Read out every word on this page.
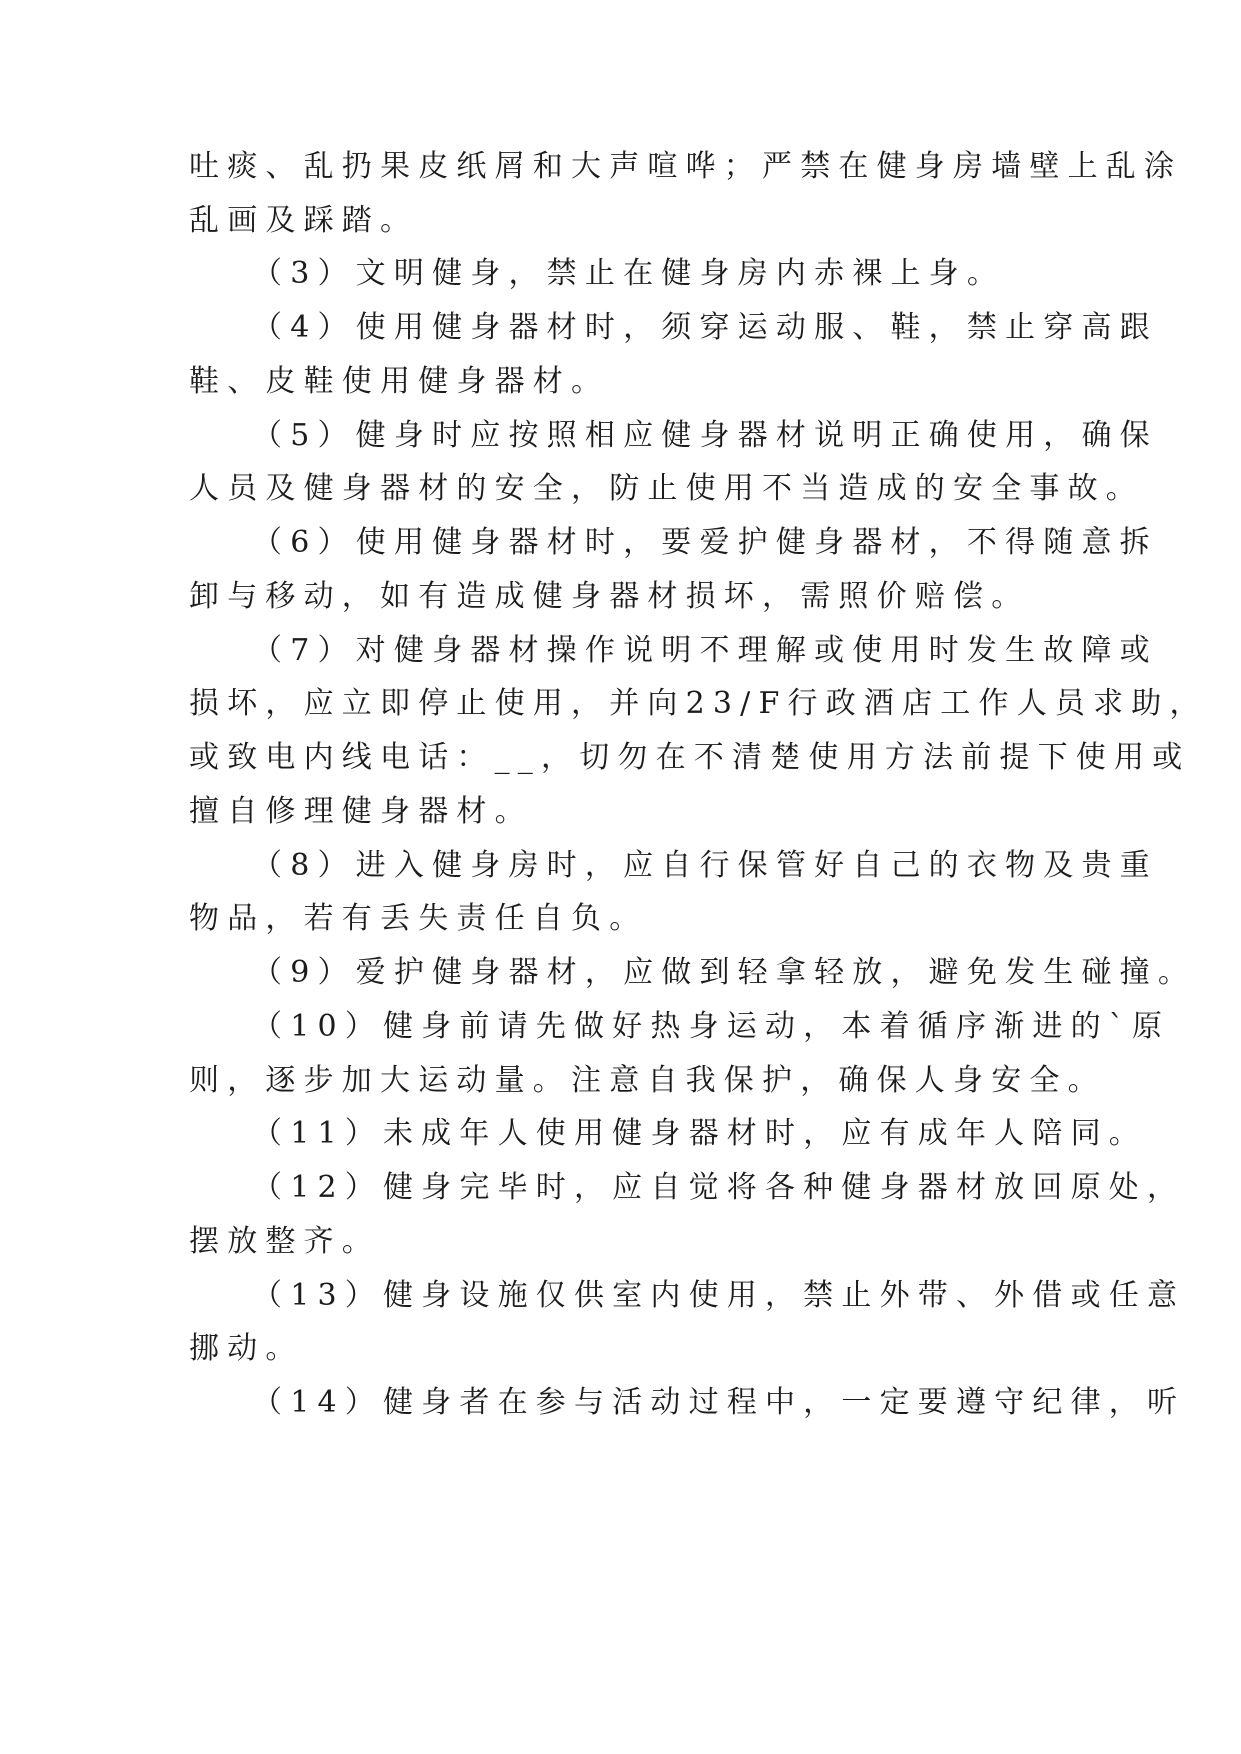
吐痰、乱扔果皮纸屑和大声喧哗；严禁在健身房墙壁上乱涂
乱画及踩踏。
（3）文明健身，禁止在健身房内赤裸上身。
（4）使用健身器材时，须穿运动服、鞋，禁止穿高跟
鞋、皮鞋使用健身器材。
（5）健身时应按照相应健身器材说明正确使用，确保
人员及健身器材的安全，防止使用不当造成的安全事故。
（6）使用健身器材时，要爱护健身器材，不得随意拆
卸与移动，如有造成健身器材损坏，需照价赔偿。
（7）对健身器材操作说明不理解或使用时发生故障或
损坏，应立即停止使用，并向23/F行政酒店工作人员求助，
或致电内线电话：__，切勿在不清楚使用方法前提下使用或
擅自修理健身器材。
（8）进入健身房时，应自行保管好自己的衣物及贵重
物品，若有丢失责任自负。
（9）爱护健身器材，应做到轻拿轻放，避免发生碰撞。
（10）健身前请先做好热身运动，本着循序渐进的`原
则，逐步加大运动量。注意自我保护，确保人身安全。
（11）未成年人使用健身器材时，应有成年人陪同。
（12）健身完毕时，应自觉将各种健身器材放回原处，
摆放整齐。
（13）健身设施仅供室内使用，禁止外带、外借或任意
挪动。
（14）健身者在参与活动过程中，一定要遵守纪律，听
